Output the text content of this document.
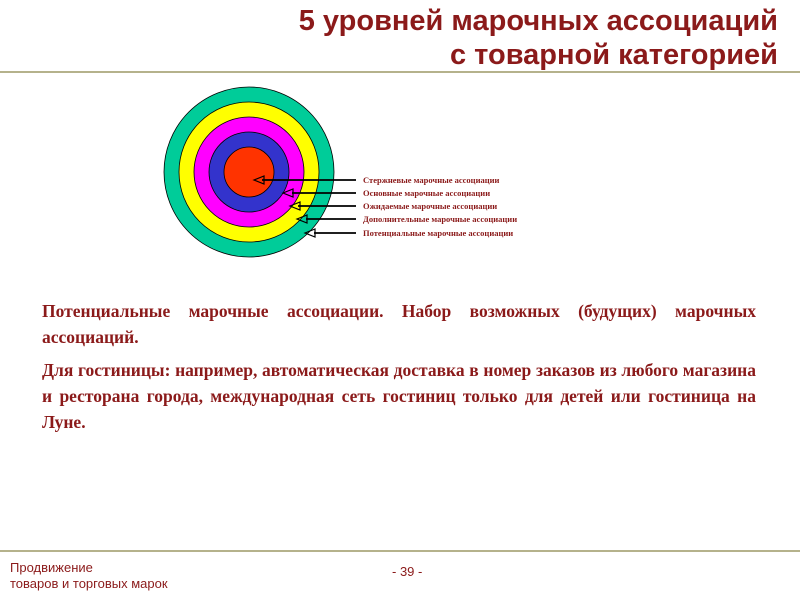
5 уровней марочных ассоциаций
с товарной категорией
Стержневые марочные ассоциации
Основные марочные ассоциации
Ожидаемые марочные ассоциации
Дополнительные марочные ассоциации
Потенциальные марочные ассоциации

Потенциальные марочные ассоциации. Набор возможных (будущих) марочных ассоциаций.

Для гостиницы: например, автоматическая доставка в номер заказов из любого магазина и ресторана города, международная сеть гостиниц только для детей или гостиница на Луне.

Продвижение
товаров и торговых марок
- 39 -
